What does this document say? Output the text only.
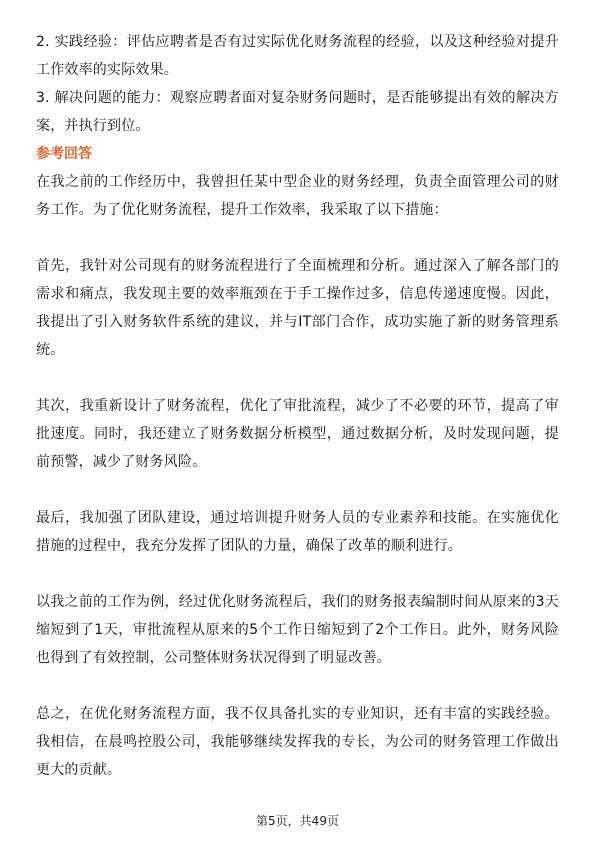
2. 实践经验：评估应聘者是否有过实际优化财务流程的经验，以及这种经验对提升工作效率的实际效果。

3. 解决问题的能力：观察应聘者面对复杂财务问题时，是否能够提出有效的解决方案，并执行到位。

参考回答

在我之前的工作经历中，我曾担任某中型企业的财务经理，负责全面管理公司的财务工作。为了优化财务流程，提升工作效率，我采取了以下措施：

首先，我针对公司现有的财务流程进行了全面梳理和分析。通过深入了解各部门的需求和痛点，我发现主要的效率瓶颈在于手工操作过多，信息传递速度慢。因此，我提出了引入财务软件系统的建议，并与IT部门合作，成功实施了新的财务管理系统。

其次，我重新设计了财务流程，优化了审批流程，减少了不必要的环节，提高了审批速度。同时，我还建立了财务数据分析模型，通过数据分析，及时发现问题，提前预警，减少了财务风险。

最后，我加强了团队建设，通过培训提升财务人员的专业素养和技能。在实施优化措施的过程中，我充分发挥了团队的力量，确保了改革的顺利进行。

以我之前的工作为例，经过优化财务流程后，我们的财务报表编制时间从原来的3天缩短到了1天，审批流程从原来的5个工作日缩短到了2个工作日。此外，财务风险也得到了有效控制，公司整体财务状况得到了明显改善。

总之，在优化财务流程方面，我不仅具备扎实的专业知识，还有丰富的实践经验。我相信，在晨鸣控股公司，我能够继续发挥我的专长，为公司的财务管理工作做出更大的贡献。

第5页，共49页
